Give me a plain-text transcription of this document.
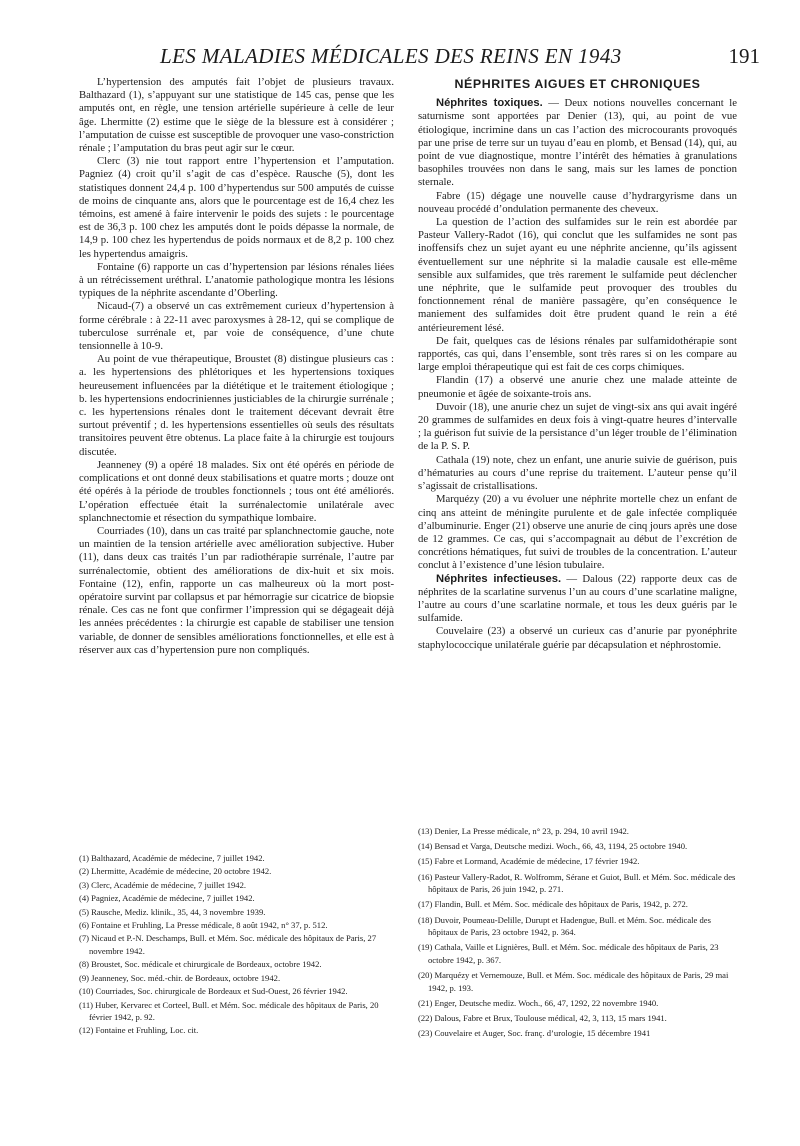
LES MALADIES MÉDICALES DES REINS EN 1943	191

L’hypertension des amputés fait l’objet de plusieurs travaux. Balthazard (1), s’appuyant sur une statistique de 145 cas, pense que les amputés ont, en règle, une tension artérielle supérieure à celle de leur âge. Lhermitte (2) estime que le siège de la blessure est à considérer ; l’amputation de cuisse est susceptible de provoquer une vaso-constriction rénale ; l’amputation du bras peut agir sur le cœur.

Clerc (3) nie tout rapport entre l’hypertension et l’amputation. Pagniez (4) croit qu’il s’agit de cas d’espèce. Rausche (5), dont les statistiques donnent 24,4 p. 100 d’hypertendus sur 500 amputés de cuisse de moins de cinquante ans, alors que le pourcentage est de 16,4 chez les témoins, est amené à faire intervenir le poids des sujets : le pourcentage est de 36,3 p. 100 chez les amputés dont le poids dépasse la normale, de 14,9 p. 100 chez les hypertendus de poids normaux et de 8,2 p. 100 chez les hypertendus amaigris.

Fontaine (6) rapporte un cas d’hypertension par lésions rénales liées à un rétrécissement uréthral. L’anatomie pathologique montra les lésions typiques de la néphrite ascendante d’Oberling.

Nicaud-(7) a observé un cas extrêmement curieux d’hypertension à forme cérébrale : à 22-11 avec paroxysmes à 28-12, qui se complique de tuberculose surrénale et, par voie de conséquence, d’une chute tensionnelle à 10-9.

Au point de vue thérapeutique, Broustet (8) distingue plusieurs cas : a. les hypertensions des phlétoriques et les hypertensions toxiques heureusement influencées par la diététique et le traitement étiologique ; b. les hypertensions endocriniennes justiciables de la chirurgie surrénale ; c. les hypertensions rénales dont le traitement décevant devrait être surtout préventif ; d. les hypertensions essentielles où seuls des résultats transitoires peuvent être obtenus. La place faite à la chirurgie est toujours discutée.

Jeanneney (9) a opéré 18 malades. Six ont été opérés en période de complications et ont donné deux stabilisations et quatre morts ; douze ont été opérés à la période de troubles fonctionnels ; tous ont été améliorés. L’opération effectuée était la surrénalectomie unilatérale avec splanchnectomie et résection du sympathique lombaire.

Courriades (10), dans un cas traité par splanchnectomie gauche, note un maintien de la tension artérielle avec amélioration subjective. Huber (11), dans deux cas traités l’un par radiothérapie surrénale, l’autre par surrénalectomie, obtient des améliorations de dix-huit et six mois. Fontaine (12), enfin, rapporte un cas malheureux où la mort post-opératoire survint par collapsus et par hémorragie sur cicatrice de biopsie rénale. Ces cas ne font que confirmer l’impression qui se dégageait déjà les années précédentes : la chirurgie est capable de stabiliser une tension variable, de donner de sensibles améliorations fonctionnelles, et elle est à réserver aux cas d’hypertension pure non compliqués.

NÉPHRITES AIGUES ET CHRONIQUES

Néphrites toxiques. — Deux notions nouvelles concernant le saturnisme sont apportées par Denier (13), qui, au point de vue étiologique, incrimine dans un cas l’action des microcourants provoqués par une prise de terre sur un tuyau d’eau en plomb, et Bensad (14), qui, au point de vue diagnostique, montre l’intérêt des hématies à granulations basophiles trouvées non dans le sang, mais sur les lames de ponction sternale.

Fabre (15) dégage une nouvelle cause d’hydrargyrisme dans un nouveau procédé d’ondulation permanente des cheveux.

La question de l’action des sulfamides sur le rein est abordée par Pasteur Vallery-Radot (16), qui conclut que les sulfamides ne sont pas inoffensifs chez un sujet ayant eu une néphrite ancienne, qu’ils agissent éventuellement sur une néphrite si la maladie causale est elle-même sensible aux sulfamides, que très rarement le sulfamide peut déclencher une néphrite, que le sulfamide peut provoquer des troubles du fonctionnement rénal de manière passagère, qu’en conséquence le maniement des sulfamides doit être prudent quand le rein a été antérieurement lésé.

De fait, quelques cas de lésions rénales par sulfamidothérapie sont rapportés, cas qui, dans l’ensemble, sont très rares si on les compare au large emploi thérapeutique qui est fait de ces corps chimiques.

Flandin (17) a observé une anurie chez une malade atteinte de pneumonie et âgée de soixante-trois ans.

Duvoir (18), une anurie chez un sujet de vingt-six ans qui avait ingéré 20 grammes de sulfamides en deux fois à vingt-quatre heures d’intervalle ; la guérison fut suivie de la persistance d’un léger trouble de l’élimination de la P. S. P.

Cathala (19) note, chez un enfant, une anurie suivie de guérison, puis d’hématuries au cours d’une reprise du traitement. L’auteur pense qu’il s’agissait de cristallisations.

Marquézy (20) a vu évoluer une néphrite mortelle chez un enfant de cinq ans atteint de méningite purulente et de gale infectée compliquée d’albuminurie. Enger (21) observe une anurie de cinq jours après une dose de 12 grammes. Ce cas, qui s’accompagnait au début de l’excrétion de concrétions hématiques, fut suivi de troubles de la concentration. L’auteur conclut à l’existence d’une lésion tubulaire.

Néphrites infectieuses. — Dalous (22) rapporte deux cas de néphrites de la scarlatine survenus l’un au cours d’une scarlatine maligne, l’autre au cours d’une scarlatine normale, et tous les deux guéris par le sulfamide.

Couvelaire (23) a observé un curieux cas d’anurie par pyonéphrite staphylococcique unilatérale guérie par décapsulation et néphrostomie.

(1) Balthazard, Académie de médecine, 7 juillet 1942.

(2) Lhermitte, Académie de médecine, 20 octobre 1942.

(3) Clerc, Académie de médecine, 7 juillet 1942.

(4) Pagniez, Académie de médecine, 7 juillet 1942.

(5) Rausche, Mediz. klinik., 35, 44, 3 novembre 1939.

(6) Fontaine et Fruhling, La Presse médicale, 8 août 1942, n° 37, p. 512.

(7) Nicaud et P.-N. Deschamps, Bull. et Mém. Soc. médicale des hôpitaux de Paris, 27 novembre 1942.

(8) Broustet, Soc. médicale et chirurgicale de Bordeaux, octobre 1942.

(9) Jeanneney, Soc. méd.-chir. de Bordeaux, octobre 1942.

(10) Courriades, Soc. chirurgicale de Bordeaux et Sud-Ouest, 26 février 1942.

(11) Huber, Kervarec et Corteel, Bull. et Mém. Soc. médicale des hôpitaux de Paris, 20 février 1942, p. 92.

(12) Fontaine et Fruhling, Loc. cit.

(13) Denier, La Presse médicale, n° 23, p. 294, 10 avril 1942.

(14) Bensad et Varga, Deutsche medizi. Woch., 66, 43, 1194, 25 octobre 1940.

(15) Fabre et Lormand, Académie de médecine, 17 février 1942.

(16) Pasteur Vallery-Radot, R. Wolfromm, Sérane et Guiot, Bull. et Mém. Soc. médicale des hôpitaux de Paris, 26 juin 1942, p. 271.

(17) Flandin, Bull. et Mém. Soc. médicale des hôpitaux de Paris, 1942, p. 272.

(18) Duvoir, Poumeau-Delille, Durupt et Hadengue, Bull. et Mém. Soc. médicale des hôpitaux de Paris, 23 octobre 1942, p. 364.

(19) Cathala, Vaille et Lignières, Bull. et Mém. Soc. médicale des hôpitaux de Paris, 23 octobre 1942, p. 367.

(20) Marquézy et Vernemouze, Bull. et Mém. Soc. médicale des hôpitaux de Paris, 29 mai 1942, p. 193.

(21) Enger, Deutsche mediz. Woch., 66, 47, 1292, 22 novembre 1940.

(22) Dalous, Fabre et Brux, Toulouse médical, 42, 3, 113, 15 mars 1941.

(23) Couvelaire et Auger, Soc. franç. d’urologie, 15 décembre 1941
